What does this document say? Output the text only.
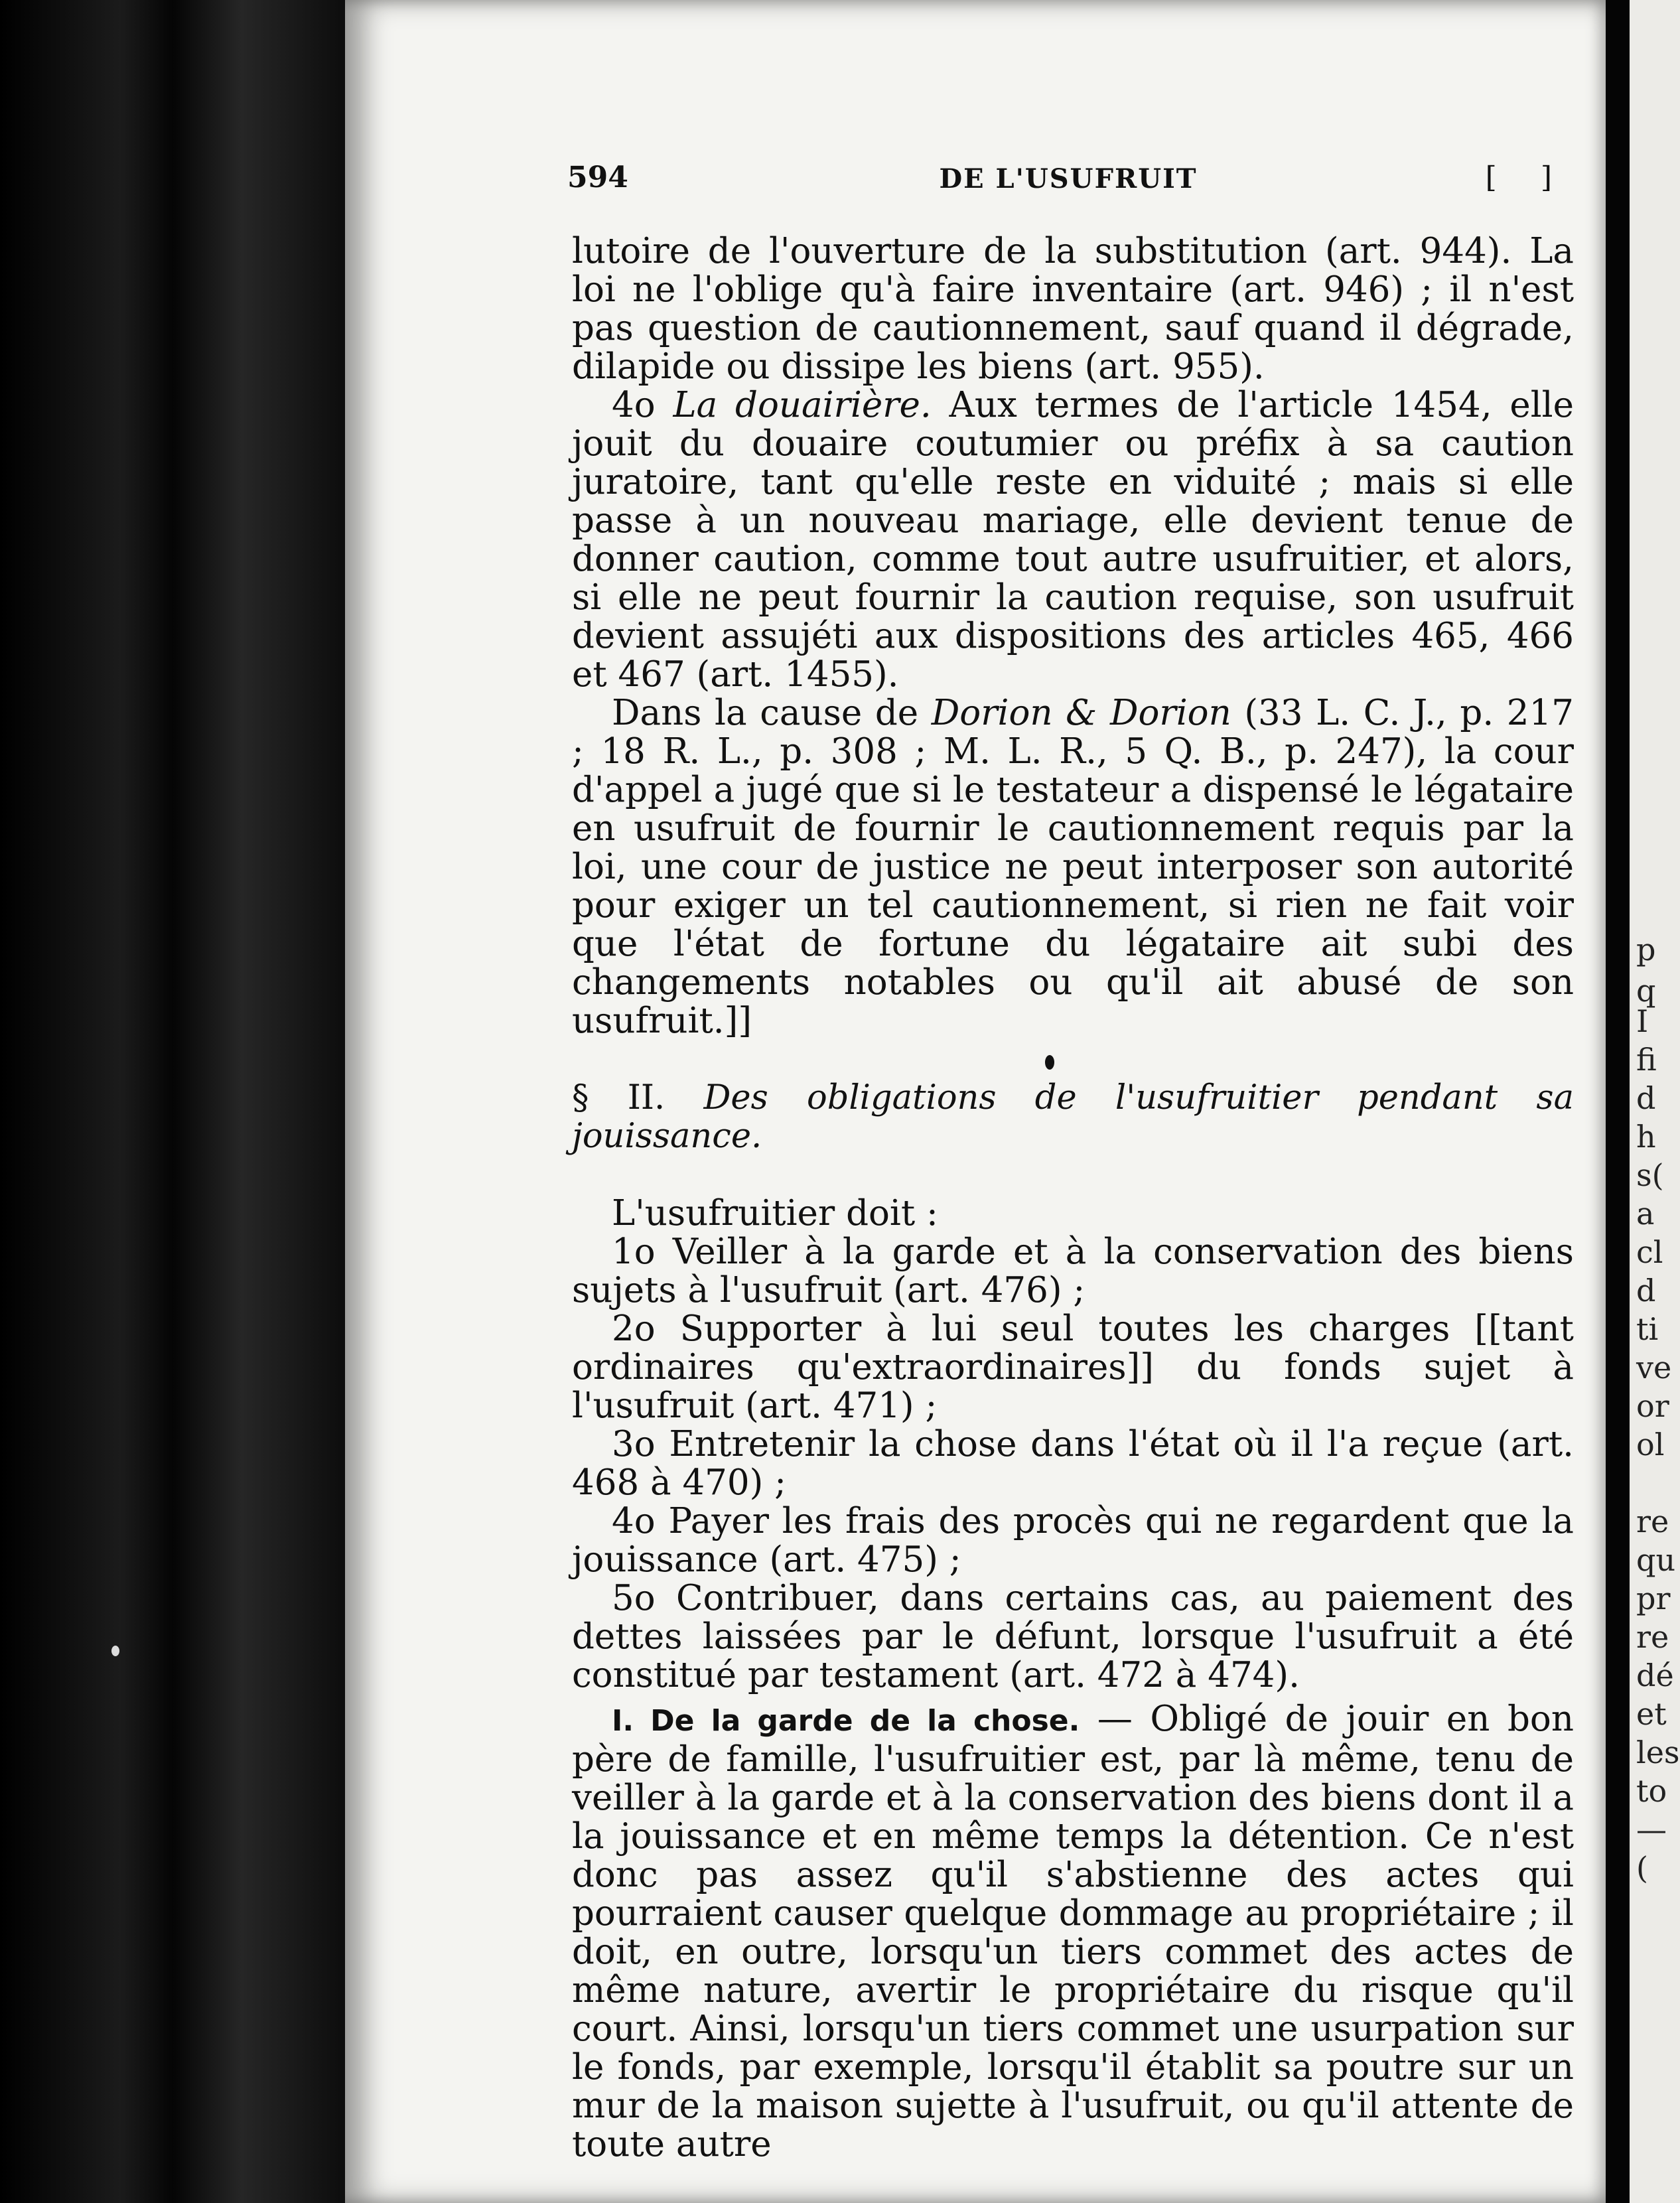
594	DE L'USUFRUIT	[ ]

lutoire de l'ouverture de la substitution (art. 944). La loi ne l'oblige qu'à faire inventaire (art. 946) ; il n'est pas question de cautionnement, sauf quand il dégrade, dilapide ou dissipe les biens (art. 955).

4o La douairière. Aux termes de l'article 1454, elle jouit du douaire coutumier ou préfix à sa caution juratoire, tant qu'elle reste en viduité ; mais si elle passe à un nouveau mariage, elle devient tenue de donner caution, comme tout autre usufruitier, et alors, si elle ne peut fournir la caution requise, son usufruit devient assujéti aux dispositions des articles 465, 466 et 467 (art. 1455).

Dans la cause de Dorion & Dorion (33 L. C. J., p. 217 ; 18 R. L., p. 308 ; M. L. R., 5 Q. B., p. 247), la cour d'appel a jugé que si le testateur a dispensé le légataire en usufruit de fournir le cautionnement requis par la loi, une cour de justice ne peut interposer son autorité pour exiger un tel cautionnement, si rien ne fait voir que l'état de fortune du légataire ait subi des changements notables ou qu'il ait abusé de son usufruit.]]

§ II. Des obligations de l'usufruitier pendant sa jouissance.

L'usufruitier doit :

1o Veiller à la garde et à la conservation des biens sujets à l'usufruit (art. 476) ;

2o Supporter à lui seul toutes les charges [[tant ordinaires qu'extraordinaires]] du fonds sujet à l'usufruit (art. 471) ;

3o Entretenir la chose dans l'état où il l'a reçue (art. 468 à 470) ;

4o Payer les frais des procès qui ne regardent que la jouissance (art. 475) ;

5o Contribuer, dans certains cas, au paiement des dettes laissées par le défunt, lorsque l'usufruit a été constitué par testament (art. 472 à 474).

I. De la garde de la chose. — Obligé de jouir en bon père de famille, l'usufruitier est, par là même, tenu de veiller à la garde et à la conservation des biens dont il a la jouissance et en même temps la détention. Ce n'est donc pas assez qu'il s'abstienne des actes qui pourraient causer quelque dommage au propriétaire ; il doit, en outre, lorsqu'un tiers commet des actes de même nature, avertir le propriétaire du risque qu'il court. Ainsi, lorsqu'un tiers commet une usurpation sur le fonds, par exemple, lorsqu'il établit sa poutre sur un mur de la maison sujette à l'usufruit, ou qu'il attente de toute autre

p
q
I
fi
d
h
s(
a
cl
d
ti
ve
or
ol
re
qu
pr
re
dé
et
les
to
—
(
